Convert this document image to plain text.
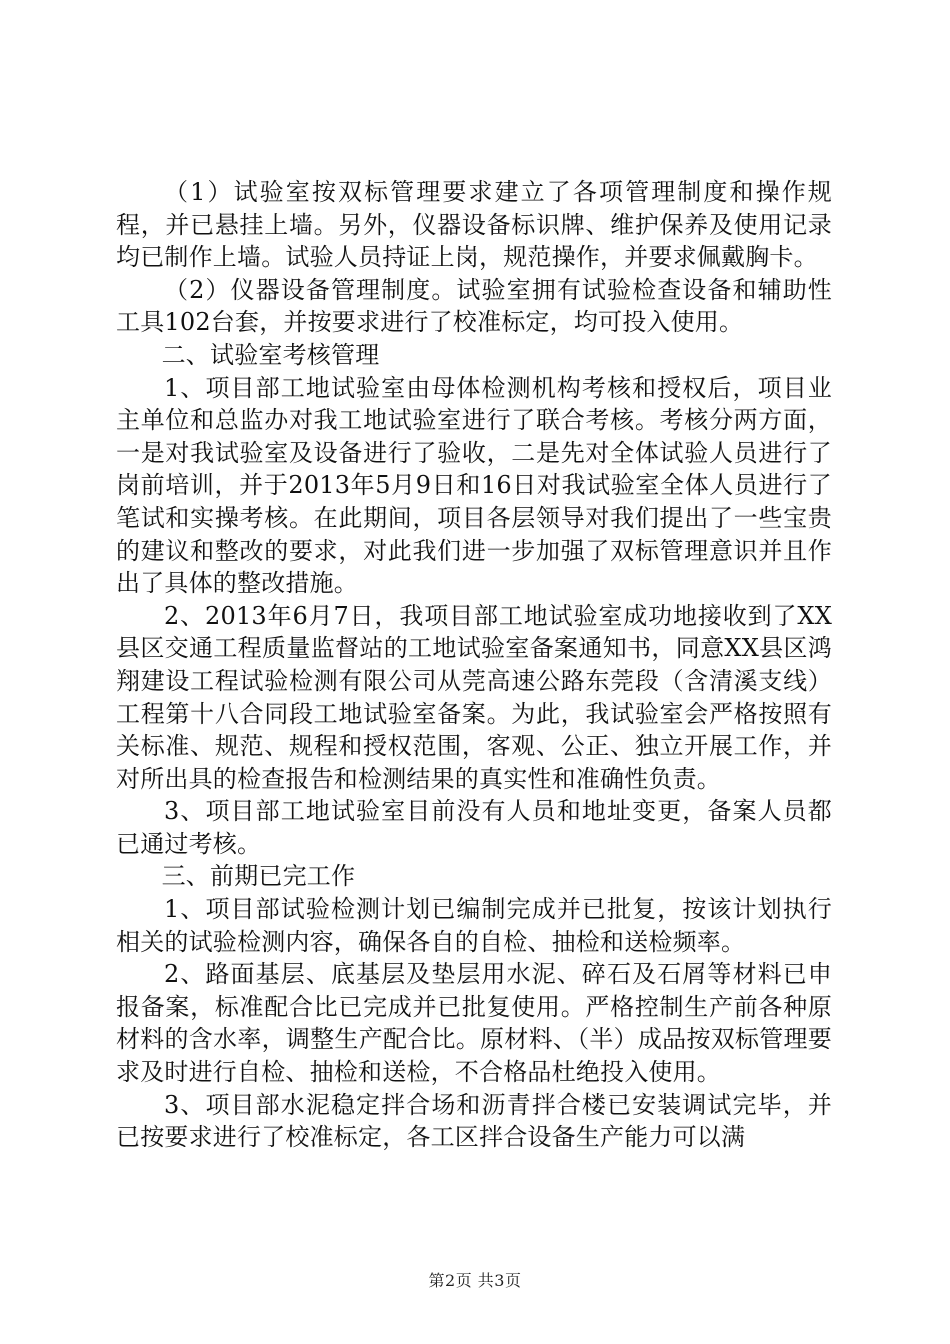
（1）试验室按双标管理要求建立了各项管理制度和操作规程，并已悬挂上墙。另外，仪器设备标识牌、维护保养及使用记录均已制作上墙。试验人员持证上岗，规范操作，并要求佩戴胸卡。

（2）仪器设备管理制度。试验室拥有试验检查设备和辅助性工具102台套，并按要求进行了校准标定，均可投入使用。

二、试验室考核管理

1、项目部工地试验室由母体检测机构考核和授权后，项目业主单位和总监办对我工地试验室进行了联合考核。考核分两方面，一是对我试验室及设备进行了验收，二是先对全体试验人员进行了岗前培训，并于2013年5月9日和16日对我试验室全体人员进行了笔试和实操考核。在此期间，项目各层领导对我们提出了一些宝贵的建议和整改的要求，对此我们进一步加强了双标管理意识并且作出了具体的整改措施。

2、2013年6月7日，我项目部工地试验室成功地接收到了XX县区交通工程质量监督站的工地试验室备案通知书，同意XX县区鸿翔建设工程试验检测有限公司从莞高速公路东莞段（含清溪支线）工程第十八合同段工地试验室备案。为此，我试验室会严格按照有关标准、规范、规程和授权范围，客观、公正、独立开展工作，并对所出具的检查报告和检测结果的真实性和准确性负责。

3、项目部工地试验室目前没有人员和地址变更，备案人员都已通过考核。

三、前期已完工作

1、项目部试验检测计划已编制完成并已批复，按该计划执行相关的试验检测内容，确保各自的自检、抽检和送检频率。

2、路面基层、底基层及垫层用水泥、碎石及石屑等材料已申报备案，标准配合比已完成并已批复使用。严格控制生产前各种原材料的含水率，调整生产配合比。原材料、（半）成品按双标管理要求及时进行自检、抽检和送检，不合格品杜绝投入使用。

3、项目部水泥稳定拌合场和沥青拌合楼已安装调试完毕，并已按要求进行了校准标定，各工区拌合设备生产能力可以满

第2页 共3页
